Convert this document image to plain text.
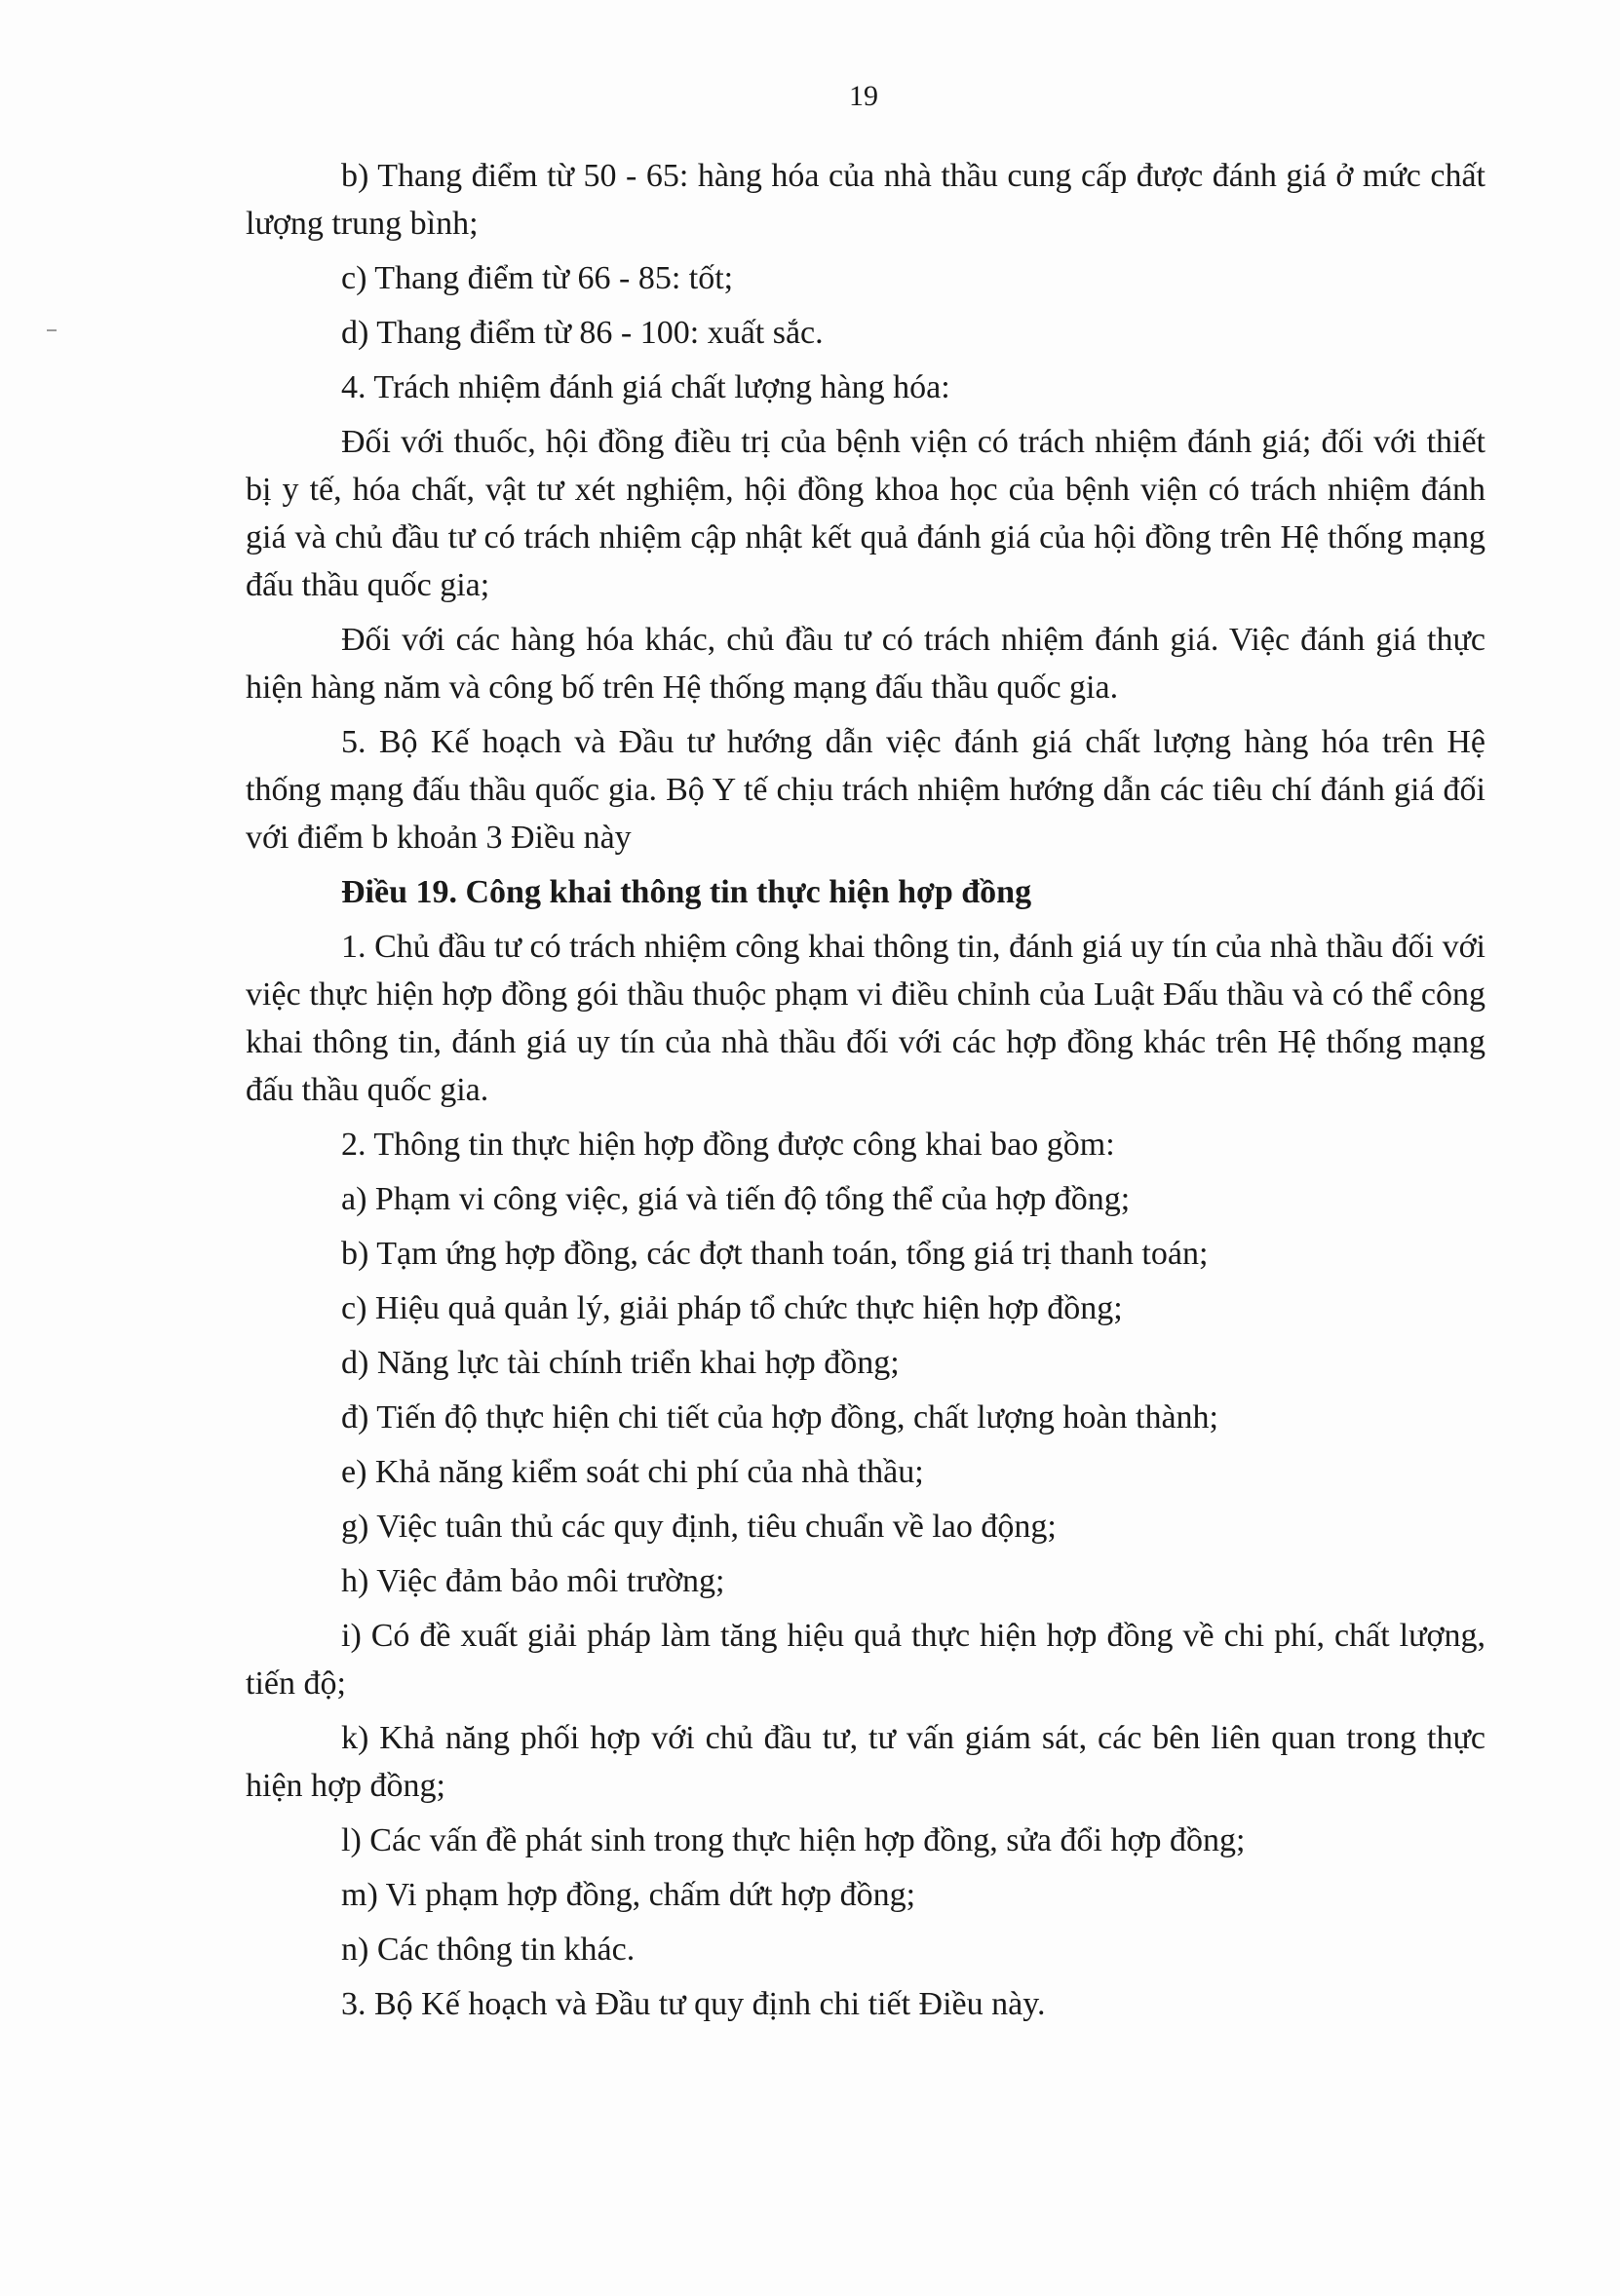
19

b) Thang điểm từ 50 - 65: hàng hóa của nhà thầu cung cấp được đánh giá ở mức chất lượng trung bình;

c) Thang điểm từ 66 - 85: tốt;

d) Thang điểm từ 86 - 100: xuất sắc.

4. Trách nhiệm đánh giá chất lượng hàng hóa:

Đối với thuốc, hội đồng điều trị của bệnh viện có trách nhiệm đánh giá; đối với thiết bị y tế, hóa chất, vật tư xét nghiệm, hội đồng khoa học của bệnh viện có trách nhiệm đánh giá và chủ đầu tư có trách nhiệm cập nhật kết quả đánh giá của hội đồng trên Hệ thống mạng đấu thầu quốc gia;

Đối với các hàng hóa khác, chủ đầu tư có trách nhiệm đánh giá. Việc đánh giá thực hiện hàng năm và công bố trên Hệ thống mạng đấu thầu quốc gia.

5. Bộ Kế hoạch và Đầu tư hướng dẫn việc đánh giá chất lượng hàng hóa trên Hệ thống mạng đấu thầu quốc gia. Bộ Y tế chịu trách nhiệm hướng dẫn các tiêu chí đánh giá đối với điểm b khoản 3 Điều này

Điều 19. Công khai thông tin thực hiện hợp đồng

1. Chủ đầu tư có trách nhiệm công khai thông tin, đánh giá uy tín của nhà thầu đối với việc thực hiện hợp đồng gói thầu thuộc phạm vi điều chỉnh của Luật Đấu thầu và có thể công khai thông tin, đánh giá uy tín của nhà thầu đối với các hợp đồng khác trên Hệ thống mạng đấu thầu quốc gia.

2. Thông tin thực hiện hợp đồng được công khai bao gồm:

a) Phạm vi công việc, giá và tiến độ tổng thể của hợp đồng;

b) Tạm ứng hợp đồng, các đợt thanh toán, tổng giá trị thanh toán;

c) Hiệu quả quản lý, giải pháp tổ chức thực hiện hợp đồng;

d) Năng lực tài chính triển khai hợp đồng;

đ) Tiến độ thực hiện chi tiết của hợp đồng, chất lượng hoàn thành;

e) Khả năng kiểm soát chi phí của nhà thầu;

g) Việc tuân thủ các quy định, tiêu chuẩn về lao động;

h) Việc đảm bảo môi trường;

i) Có đề xuất giải pháp làm tăng hiệu quả thực hiện hợp đồng về chi phí, chất lượng, tiến độ;

k) Khả năng phối hợp với chủ đầu tư, tư vấn giám sát, các bên liên quan trong thực hiện hợp đồng;

l) Các vấn đề phát sinh trong thực hiện hợp đồng, sửa đổi hợp đồng;

m) Vi phạm hợp đồng, chấm dứt hợp đồng;

n) Các thông tin khác.

3. Bộ Kế hoạch và Đầu tư quy định chi tiết Điều này.
